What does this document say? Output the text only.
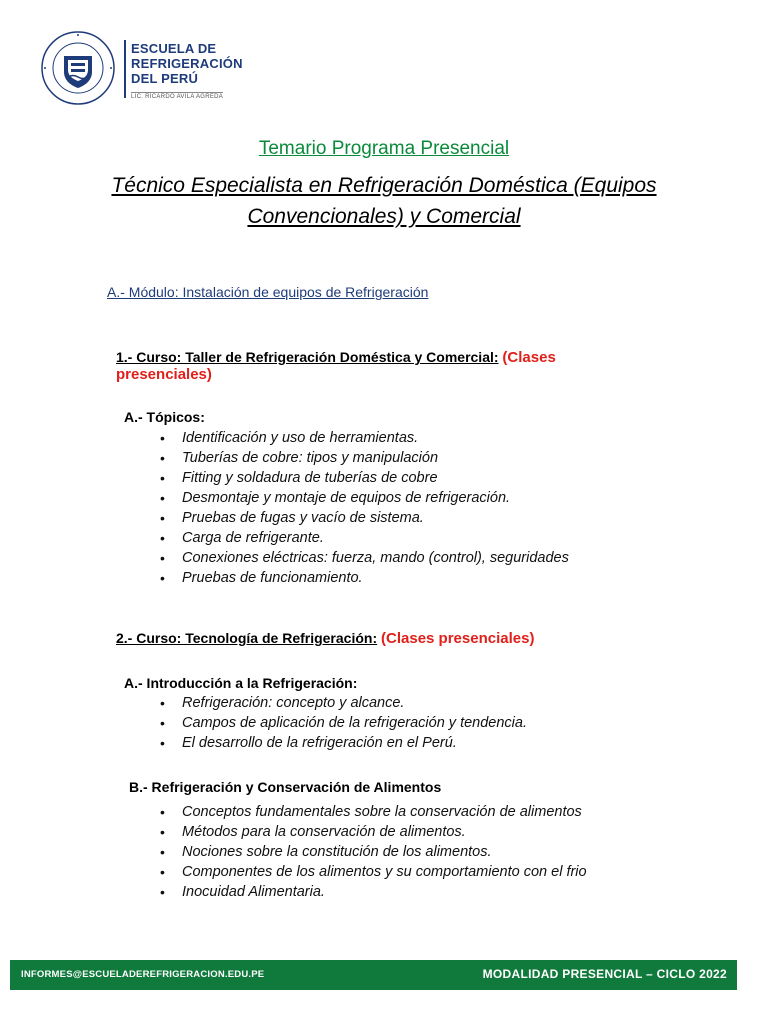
ESCUELA DE
REFRIGERACIÓN
DEL PERÚ
LIC. RICARDO AVILA AGREDA
Temario Programa Presencial
Técnico Especialista en Refrigeración Doméstica (Equipos Convencionales) y Comercial
A.- Módulo: Instalación de equipos de Refrigeración
1.- Curso: Taller de Refrigeración Doméstica y Comercial: (Clases presenciales)
A.- Tópicos:
• Identificación y uso de herramientas.
• Tuberías de cobre: tipos y manipulación
• Fitting y soldadura de tuberías de cobre
• Desmontaje y montaje de equipos de refrigeración.
• Pruebas de fugas y vacío de sistema.
• Carga de refrigerante.
• Conexiones eléctricas: fuerza, mando (control), seguridades
• Pruebas de funcionamiento.
2.- Curso: Tecnología de Refrigeración: (Clases presenciales)
A.- Introducción a la Refrigeración:
• Refrigeración: concepto y alcance.
• Campos de aplicación de la refrigeración y tendencia.
• El desarrollo de la refrigeración en el Perú.
B.- Refrigeración y Conservación de Alimentos
• Conceptos fundamentales sobre la conservación de alimentos
• Métodos para la conservación de alimentos.
• Nociones sobre la constitución de los alimentos.
• Componentes de los alimentos y su comportamiento con el frio
• Inocuidad Alimentaria.
INFORMES@ESCUELADEREFRIGERACION.EDU.PE	MODALIDAD PRESENCIAL – CICLO 2022
